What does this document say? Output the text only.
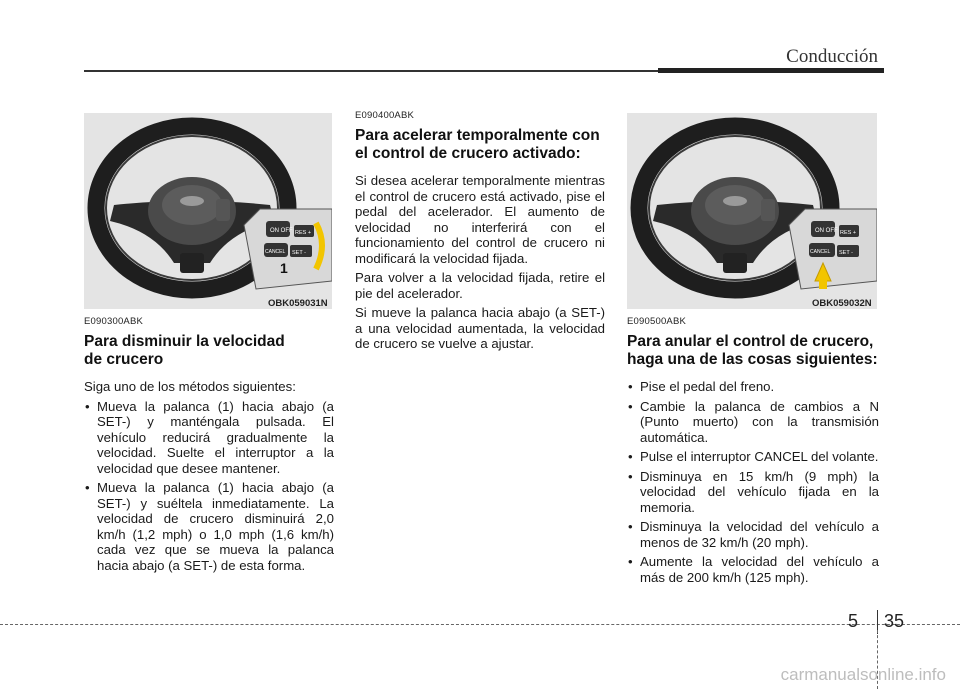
Conducción
ON OFF RES +
CANCEL SET -
1
OBK059031N
E090300ABK
Para disminuir la velocidad de crucero
Siga uno de los métodos siguientes:
• Mueva la palanca (1) hacia abajo (a SET-) y manténgala pulsada. El vehículo reducirá gradualmente la velocidad. Suelte el interruptor a la velocidad que desee mantener.
• Mueva la palanca (1) hacia abajo (a SET-) y suéltela inmediatamente. La velocidad de crucero disminuirá 2,0 km/h (1,2 mph) o 1,0 mph (1,6 km/h) cada vez que se mueva la palanca hacia abajo (a SET-) de esta forma.
E090400ABK
Para acelerar temporalmente con el control de crucero activado:
Si desea acelerar temporalmente mientras el control de crucero está activado, pise el pedal del acelerador. El aumento de velocidad no interferirá con el funcionamiento del control de crucero ni modificará la velocidad fijada.
Para volver a la velocidad fijada, retire el pie del acelerador.
Si mueve la palanca hacia abajo (a SET-) a una velocidad aumentada, la velocidad de crucero se vuelve a ajustar.
ON OFF RES +
CANCEL SET -
OBK059032N
E090500ABK
Para anular el control de crucero, haga una de las cosas siguientes:
• Pise el pedal del freno.
• Cambie la palanca de cambios a N (Punto muerto) con la transmisión automática.
• Pulse el interruptor CANCEL del volante.
• Disminuya en 15 km/h (9 mph) la velocidad del vehículo fijada en la memoria.
• Disminuya la velocidad del vehículo a menos de 32 km/h (20 mph).
• Aumente la velocidad del vehículo a más de 200 km/h (125 mph).
5 35
carmanualsonline.info
